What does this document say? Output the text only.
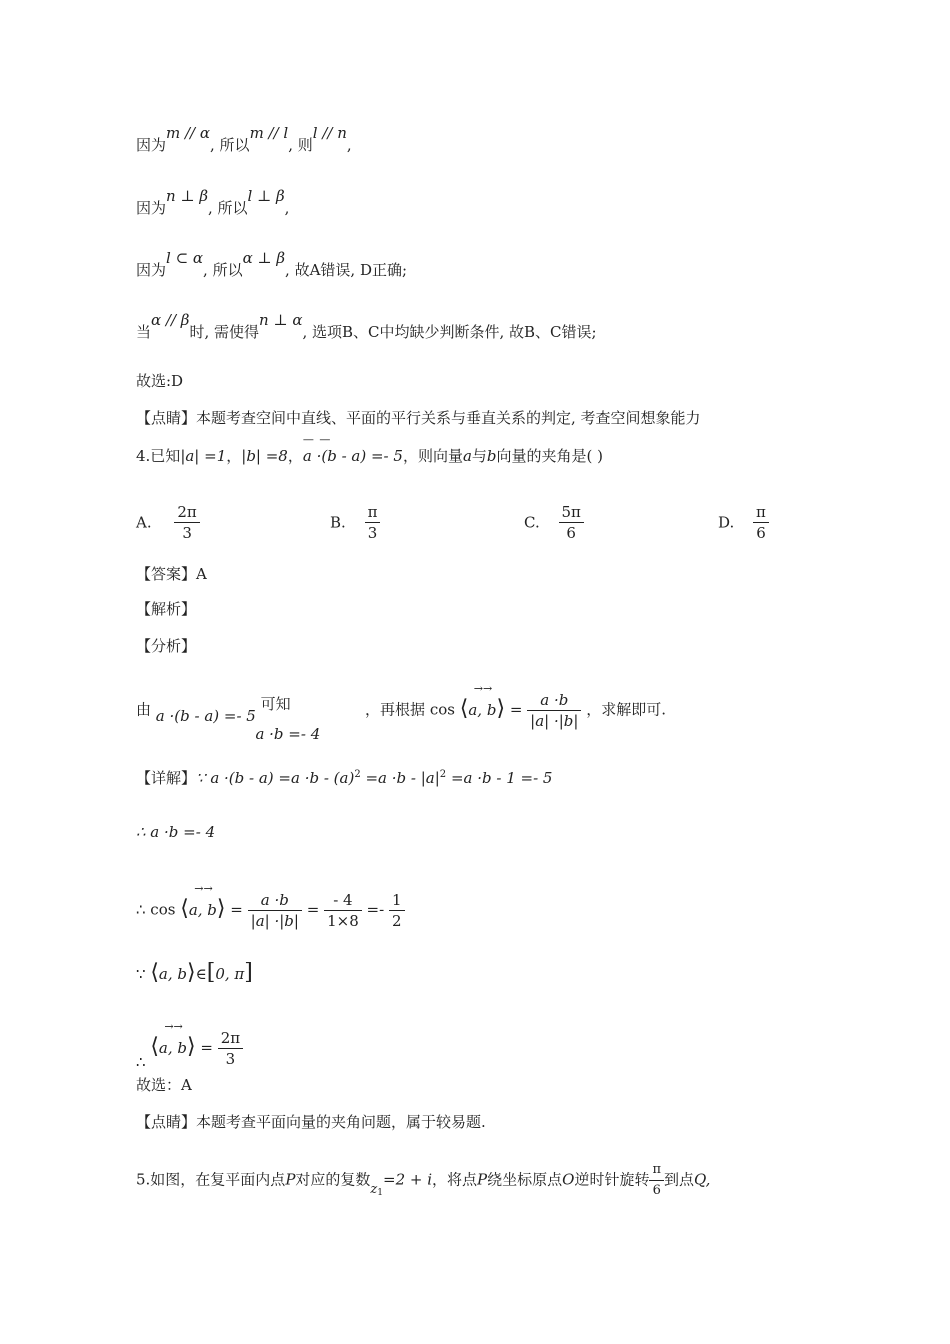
因为m // α, 所以m // l, 则l // n,
因为n ⊥ β, 所以l ⊥ β,
因为l ⊂ α, 所以α ⊥ β, 故A错误, D正确;
当α // β时, 需使得n ⊥ α, 选项B、C中均缺少判断条件, 故B、C错误;
故选:D
【点睛】本题考查空间中直线、平面的平行关系与垂直关系的判定, 考查空间想象能力
4.已知|a| =1，|b| =8，
— —
a ·(b - a) =- 5，则向量a与b向量的夹角是( )
A. $\frac{2\pi}{3}$	B. $\frac{\pi}{3}$	C. $\frac{5\pi}{6}$	D. $\frac{\pi}{6}$
【答案】A
【解析】
【分析】
由 a ·(b - a) =- 5 可知 a ·b =- 4 ，再根据 cos
→→
⟨a, b⟩ = $\frac{a \cdot b}{|a| \cdot|b|}$ ，求解即可.
【详解】∵ $a \cdot(b - a) =a \cdot b - (a)^2 =a \cdot b - |a|^2 =a \cdot b - 1 =- 5$
∴ a ·b =- 4
∴ cos
→→
⟨a, b⟩ = $\frac{a \cdot b}{|a| \cdot|b|} = \frac{- 4}{1\times 8} =- \frac{1}{2}$
∵ ⟨a, b⟩∈[0, π]
∴
→→
⟨a, b⟩ = $\frac{2\pi}{3}$
故选：A
【点睛】本题考查平面向量的夹角问题，属于较易题.
5.如图，在复平面内点P对应的复数$z_1=2 + i$，将点P绕坐标原点O逆时针旋转 $\frac{\pi}{6}$ 到点Q,
